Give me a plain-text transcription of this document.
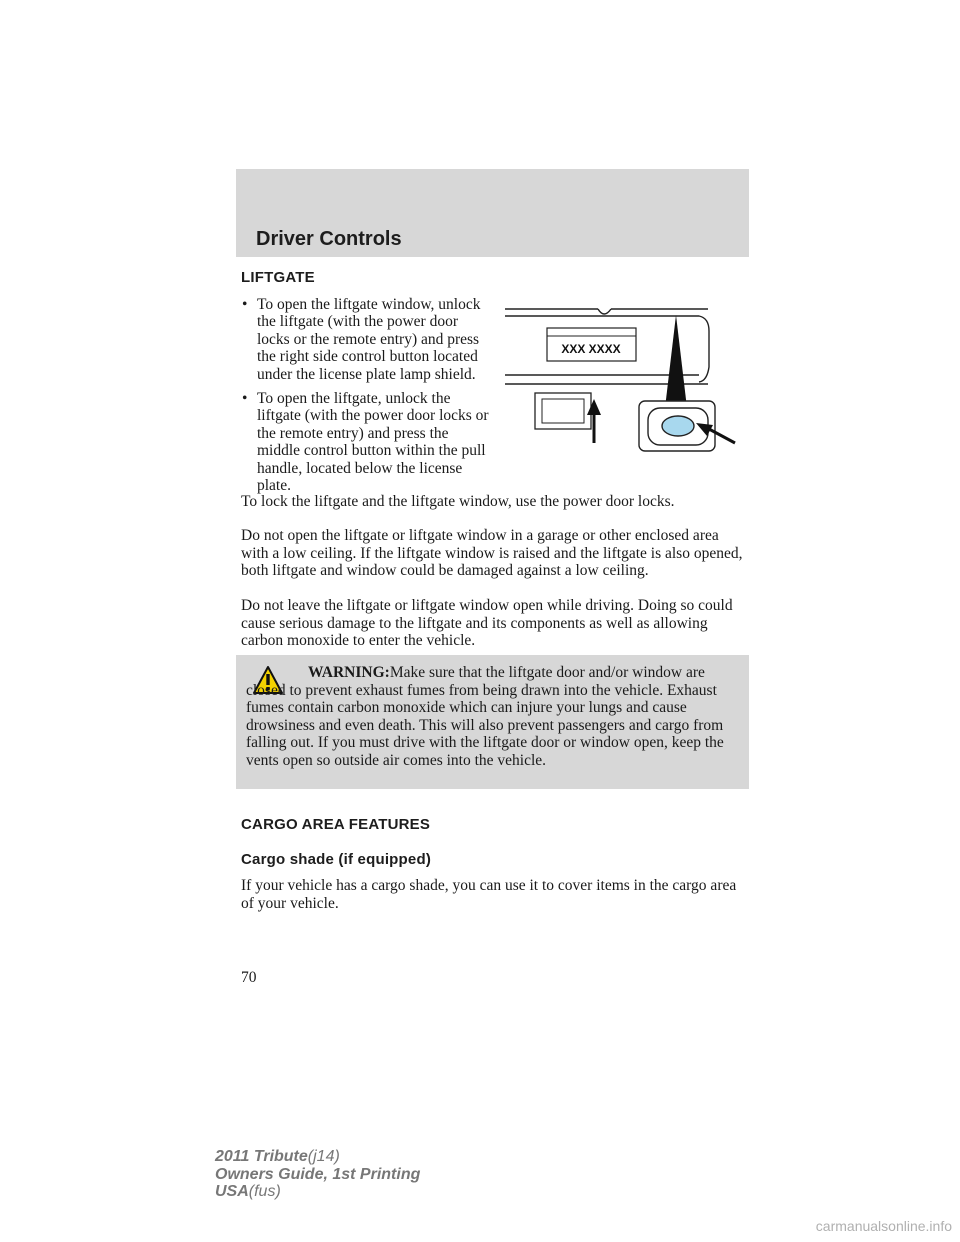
Driver Controls
LIFTGATE
• To open the liftgate window, unlock the liftgate (with the power door locks or the remote entry) and press the right side control button located under the license plate lamp shield.
• To open the liftgate, unlock the liftgate (with the power door locks or the remote entry) and press the middle control button within the pull handle, located below the license plate.
XXX XXXX

To lock the liftgate and the liftgate window, use the power door locks.

Do not open the liftgate or liftgate window in a garage or other enclosed area with a low ceiling. If the liftgate window is raised and the liftgate is also opened, both liftgate and window could be damaged against a low ceiling.

Do not leave the liftgate or liftgate window open while driving. Doing so could cause serious damage to the liftgate and its components as well as allowing carbon monoxide to enter the vehicle.

WARNING:Make sure that the liftgate door and/or window are closed to prevent exhaust fumes from being drawn into the vehicle. Exhaust fumes contain carbon monoxide which can injure your lungs and cause drowsiness and even death. This will also prevent passengers and cargo from falling out. If you must drive with the liftgate door or window open, keep the vents open so outside air comes into the vehicle.

CARGO AREA FEATURES
Cargo shade (if equipped)

If your vehicle has a cargo shade, you can use it to cover items in the cargo area of your vehicle.

70
2011 Tribute(j14)
Owners Guide, 1st Printing
USA(fus)
carmanualsonline.info
